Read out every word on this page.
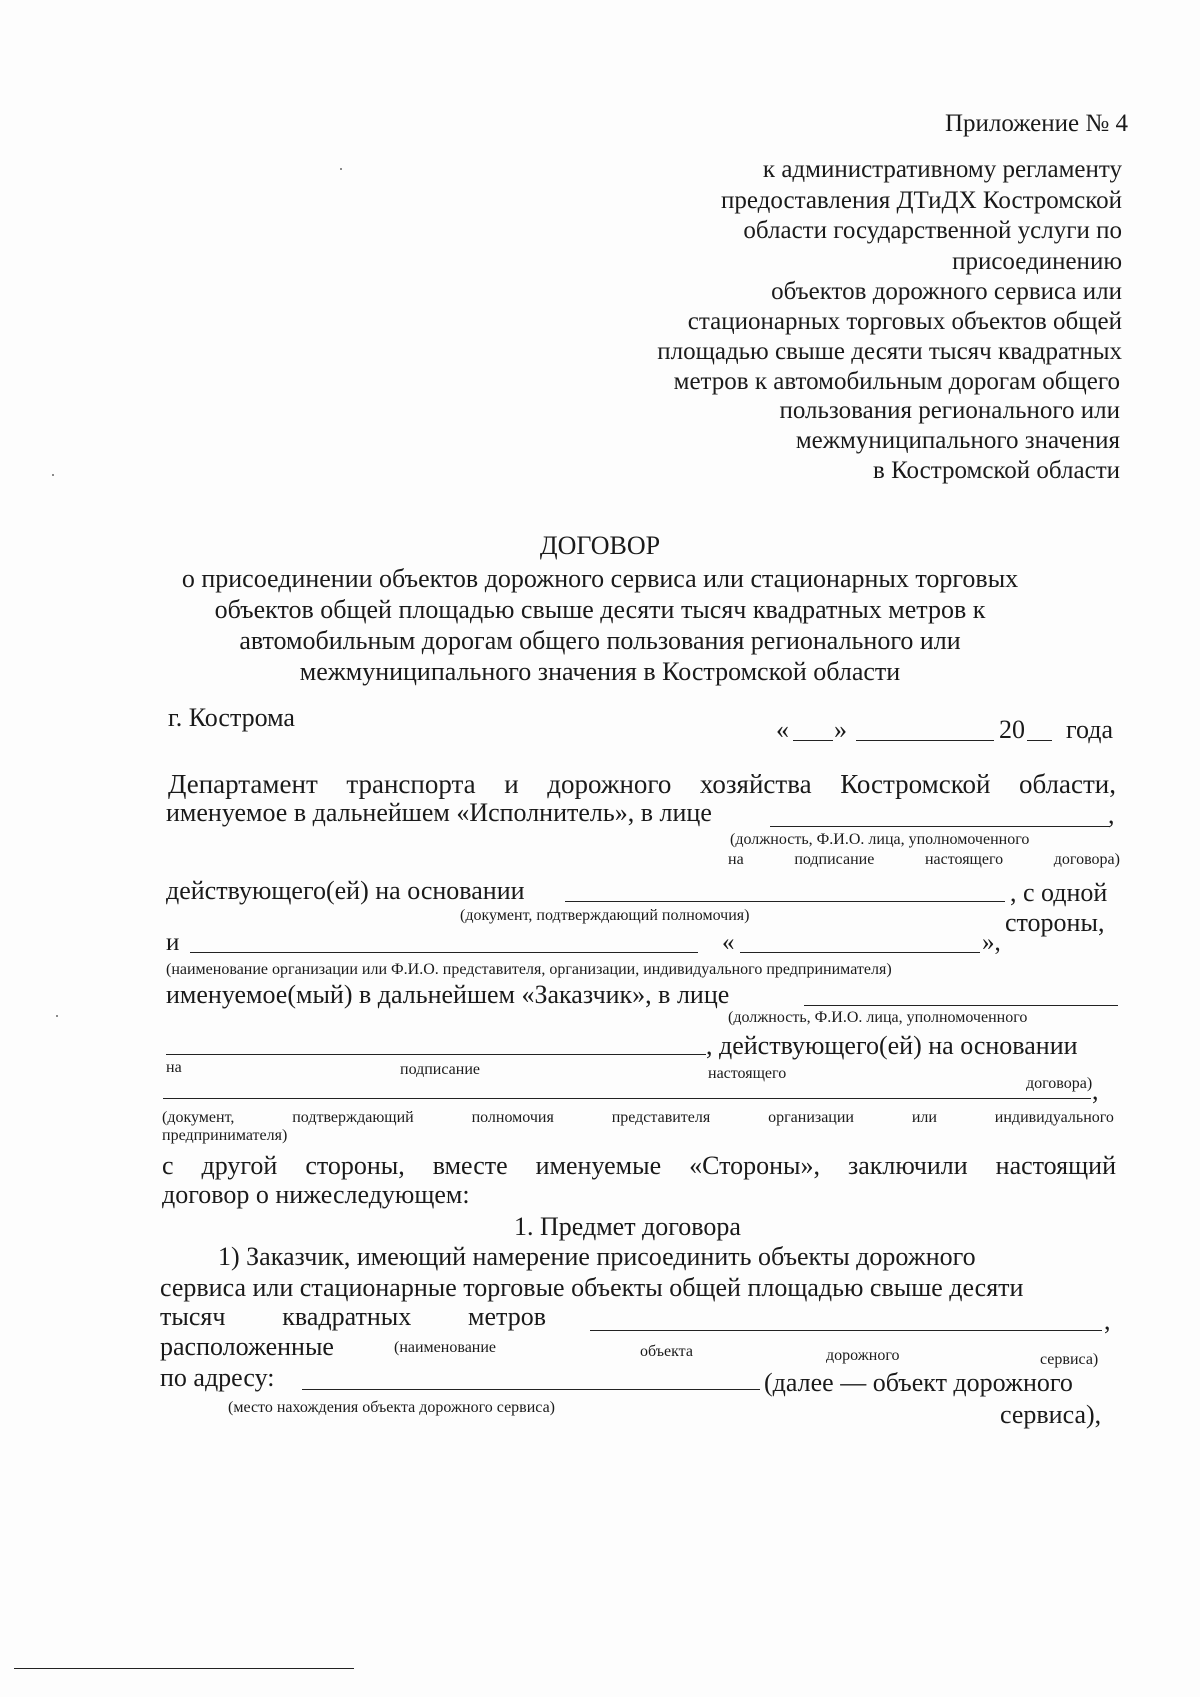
Приложение № 4
к административному регламенту
предоставления ДТиДХ Костромской
области государственной услуги по
присоединению
объектов дорожного сервиса или
стационарных торговых объектов общей
площадью свыше десяти тысяч квадратных
метров к автомобильным дорогам общего
пользования регионального или
межмуниципального значения
в Костромской области
ДОГОВОР
о присоединении объектов дорожного сервиса или стационарных торговых
объектов общей площадью свыше десяти тысяч квадратных метров к
автомобильным дорогам общего пользования регионального или
межмуниципального значения в Костромской области
г. Кострома	« »	20 года
Департамент транспорта и дорожного хозяйства Костромской области,
именуемое в дальнейшем «Исполнитель», в лице	,
(должность, Ф.И.О. лица, уполномоченного
на	подписание	настоящего	договора)
действующего(ей) на основании	, с одной
(документ, подтверждающий полномочия)	стороны,
и	«	»,
(наименование организации или Ф.И.О. представителя, организации, индивидуального предпринимателя)
именуемое(мый) в дальнейшем «Заказчик», в лице
(должность, Ф.И.О. лица, уполномоченного
, действующего(ей) на основании
на	подписание	настоящего
договора) ,
(документ,	подтверждающий	полномочия	представителя	организации	или	индивидуального
предпринимателя)
с другой стороны, вместе именуемые «Стороны», заключили настоящий
договор о нижеследующем:
1. Предмет договора
1) Заказчик, имеющий намерение присоединить объекты дорожного
сервиса или стационарные торговые объекты общей площадью свыше десяти
тысяч квадратных метров	,
расположенные	(наименование	объекта	дорожного	сервиса)
по адресу:	(далее — объект дорожного
(место нахождения объекта дорожного сервиса)	сервиса),
